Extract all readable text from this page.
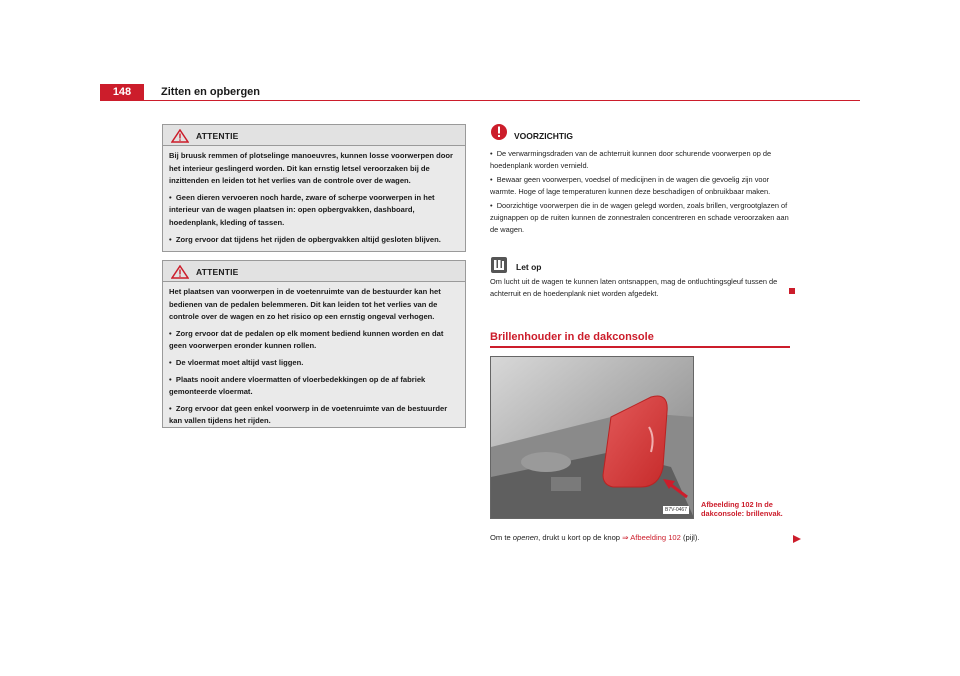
148	Zitten en opbergen
ATTENTIE

Bij bruusk remmen of plotselinge manoeuvres, kunnen losse voorwerpen door het interieur geslingerd worden. Dit kan ernstig letsel veroorzaken bij de inzittenden en leiden tot het verlies van de controle over de wagen.

•  Geen dieren vervoeren noch harde, zware of scherpe voorwerpen in het interieur van de wagen plaatsen in: open opbergvakken, dashboard, hoedenplank, kleding of tassen.

•  Zorg ervoor dat tijdens het rijden de opbergvakken altijd gesloten blijven.

ATTENTIE

Het plaatsen van voorwerpen in de voetenruimte van de bestuurder kan het bedienen van de pedalen belemmeren. Dit kan leiden tot het verlies van de controle over de wagen en zo het risico op een ernstig ongeval verhogen.

•  Zorg ervoor dat de pedalen op elk moment bediend kunnen worden en dat geen voorwerpen eronder kunnen rollen.

•  De vloermat moet altijd vast liggen.

•  Plaats nooit andere vloermatten of vloerbedekkingen op de af fabriek gemonteerde vloermat.

•  Zorg ervoor dat geen enkel voorwerp in de voetenruimte van de bestuurder kan vallen tijdens het rijden.

VOORZICHTIG

•  De verwarmingsdraden van de achterruit kunnen door schurende voorwerpen op de hoedenplank worden vernield.

•  Bewaar geen voorwerpen, voedsel of medicijnen in de wagen die gevoelig zijn voor warmte. Hoge of lage temperaturen kunnen deze beschadigen of onbruikbaar maken.

•  Doorzichtige voorwerpen die in de wagen gelegd worden, zoals brillen, vergrootglazen of zuignappen op de ruiten kunnen de zonnestralen concentreren en schade veroorzaken aan de wagen.

Let op

Om lucht uit de wagen te kunnen laten ontsnappen, mag de ontluchtingsgleuf tussen de achterruit en de hoedenplank niet worden afgedekt.

Brillenhouder in de dakconsole
B7V-0467
Afbeelding 102 In de dakconsole: brillenvak.
Om te openen, drukt u kort op de knop ⇒ Afbeelding 102 (pijl).
